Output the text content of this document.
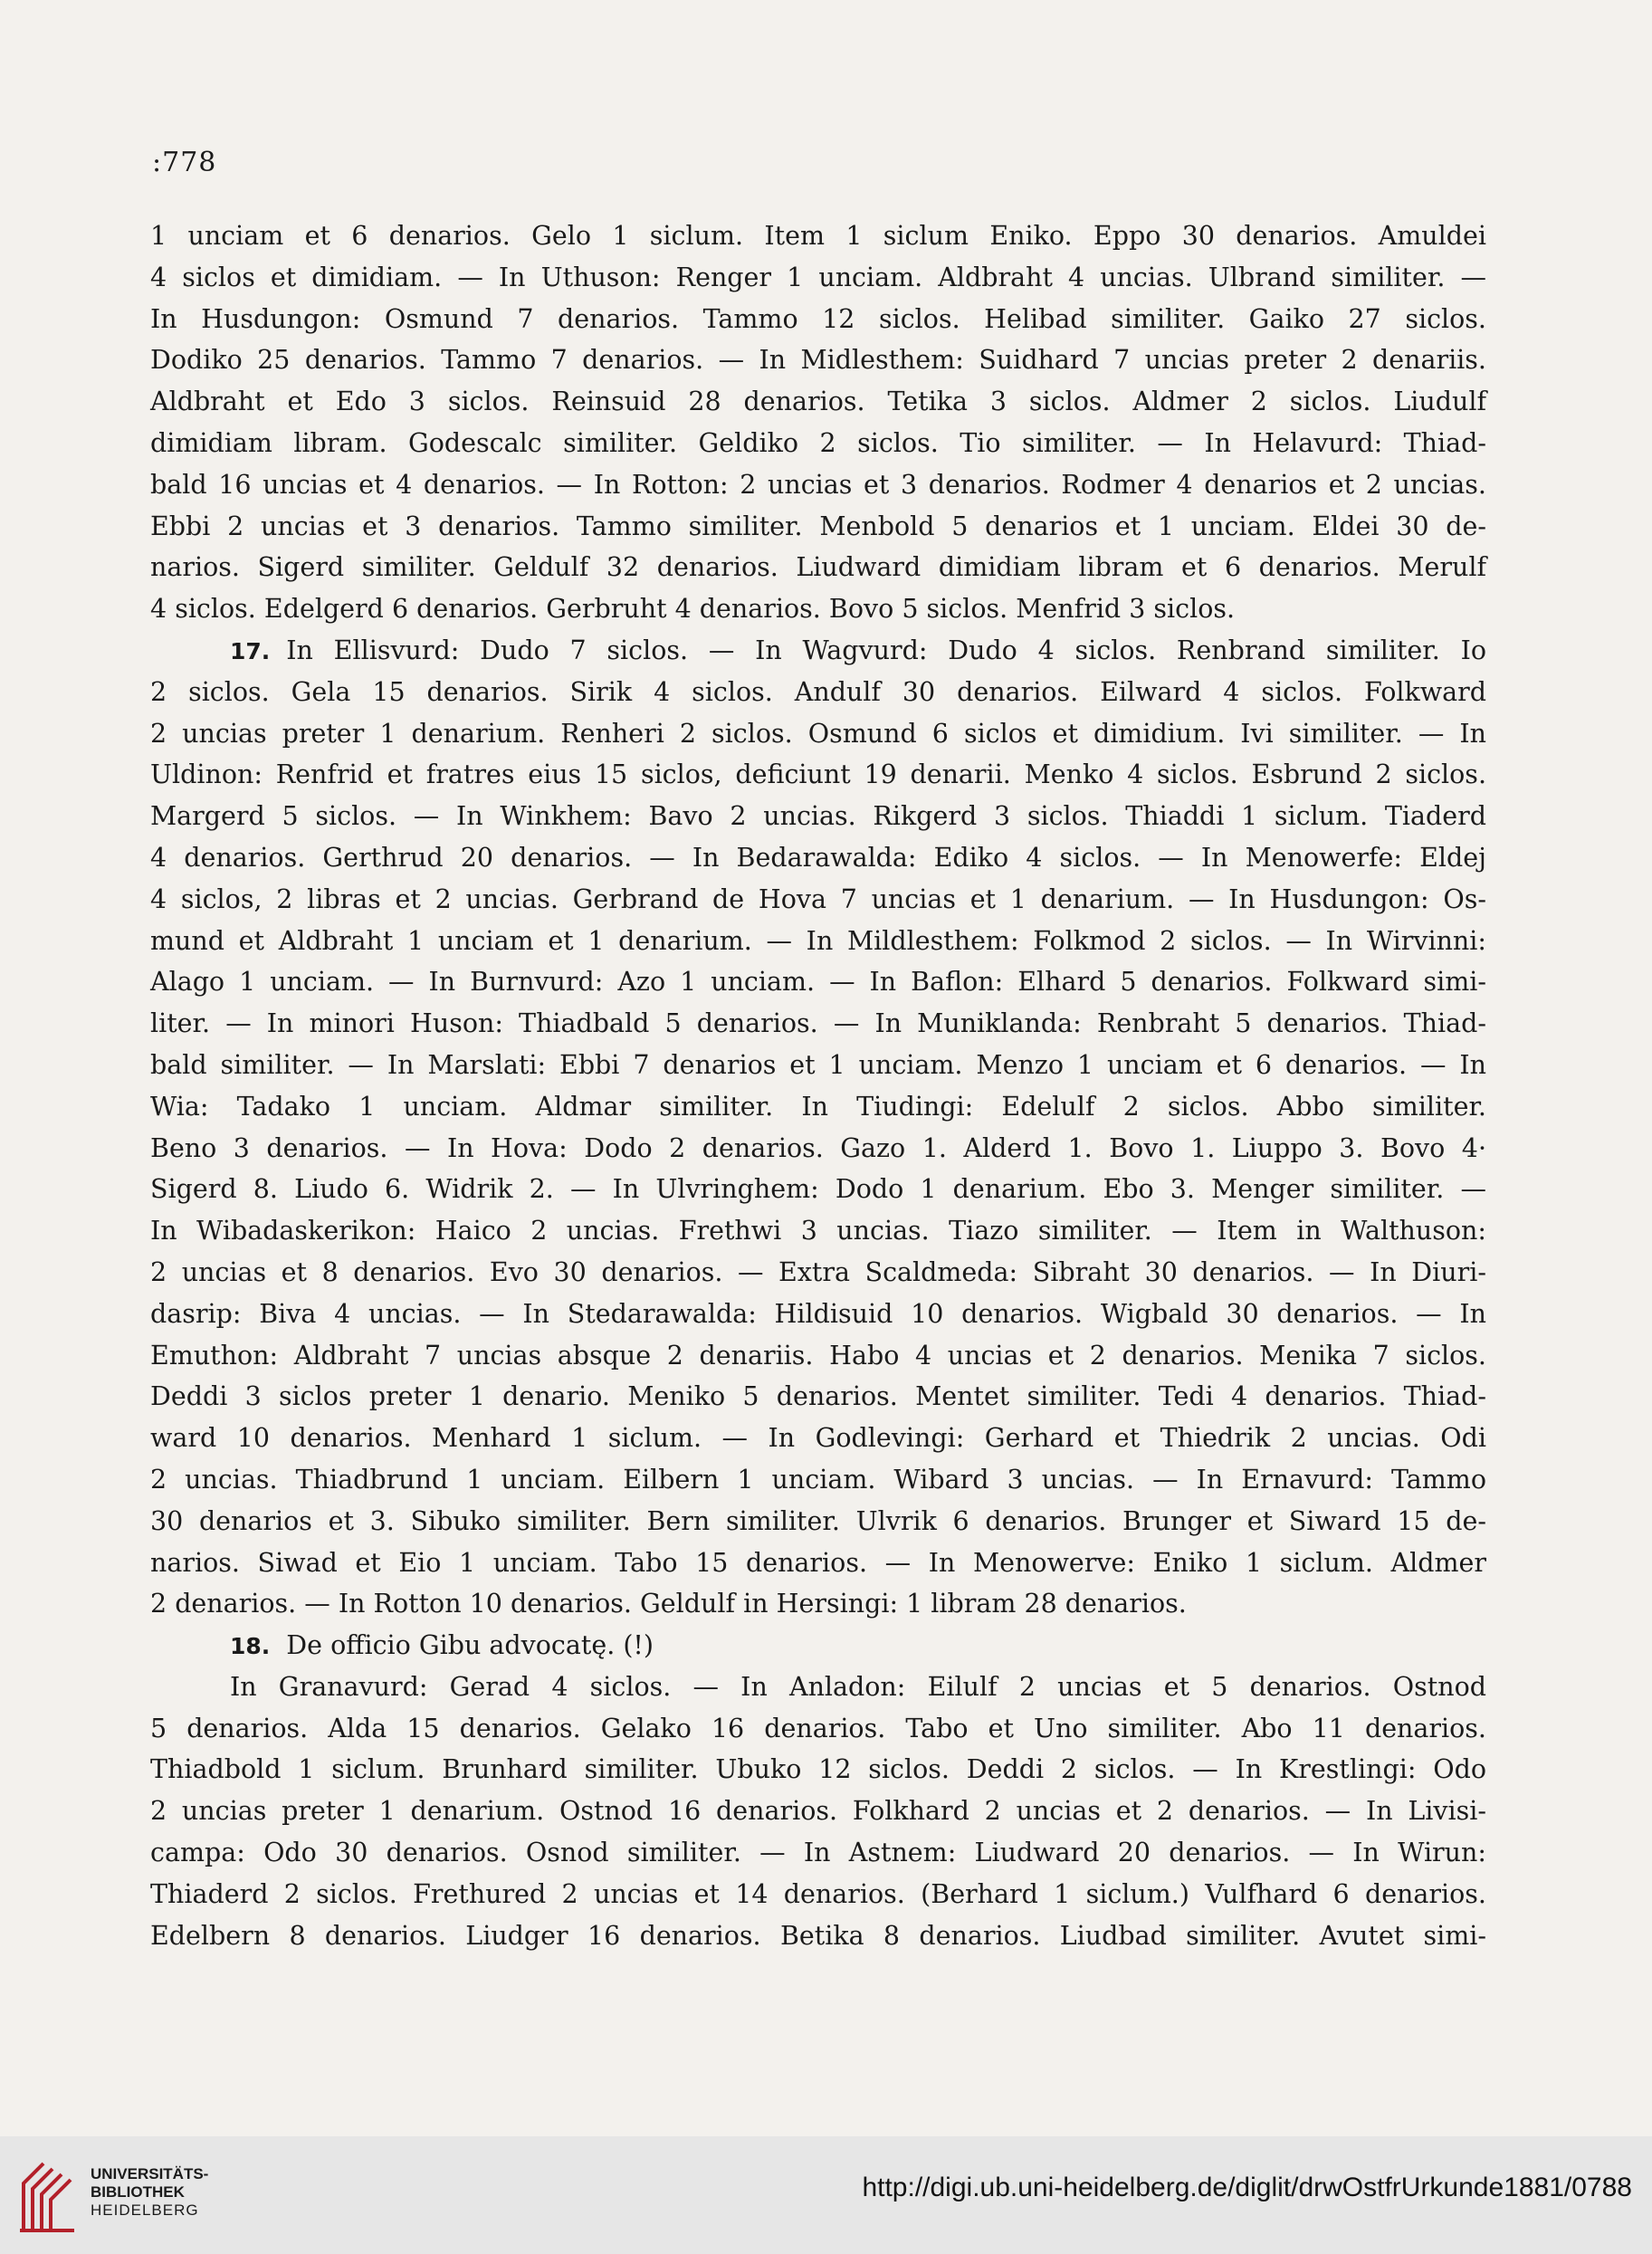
:778
1 unciam et 6 denarios. Gelo 1 siclum. Item 1 siclum Eniko. Eppo 30 denarios. Amuldei
4 siclos et dimidiam. — In Uthuson: Renger 1 unciam. Aldbraht 4 uncias. Ulbrand similiter. —
In Husdungon: Osmund 7 denarios. Tammo 12 siclos. Helibad similiter. Gaiko 27 siclos.
Dodiko 25 denarios. Tammo 7 denarios. — In Midlesthem: Suidhard 7 uncias preter 2 denariis.
Aldbraht et Edo 3 siclos. Reinsuid 28 denarios. Tetika 3 siclos. Aldmer 2 siclos. Liudulf
dimidiam libram. Godescalc similiter. Geldiko 2 siclos. Tio similiter. — In Helavurd: Thiad-
bald 16 uncias et 4 denarios. — In Rotton: 2 uncias et 3 denarios. Rodmer 4 denarios et 2 uncias.
Ebbi 2 uncias et 3 denarios. Tammo similiter. Menbold 5 denarios et 1 unciam. Eldei 30 de-
narios. Sigerd similiter. Geldulf 32 denarios. Liudward dimidiam libram et 6 denarios. Merulf
4 siclos. Edelgerd 6 denarios. Gerbruht 4 denarios. Bovo 5 siclos. Menfrid 3 siclos.
17. In Ellisvurd: Dudo 7 siclos. — In Wagvurd: Dudo 4 siclos. Renbrand similiter. Io
2 siclos. Gela 15 denarios. Sirik 4 siclos. Andulf 30 denarios. Eilward 4 siclos. Folkward
2 uncias preter 1 denarium. Renheri 2 siclos. Osmund 6 siclos et dimidium. Ivi similiter. — In
Uldinon: Renfrid et fratres eius 15 siclos, deficiunt 19 denarii. Menko 4 siclos. Esbrund 2 siclos.
Margerd 5 siclos. — In Winkhem: Bavo 2 uncias. Rikgerd 3 siclos. Thiaddi 1 siclum. Tiaderd
4 denarios. Gerthrud 20 denarios. — In Bedarawalda: Ediko 4 siclos. — In Menowerfe: Eldej
4 siclos, 2 libras et 2 uncias. Gerbrand de Hova 7 uncias et 1 denarium. — In Husdungon: Os-
mund et Aldbraht 1 unciam et 1 denarium. — In Mildlesthem: Folkmod 2 siclos. — In Wirvinni:
Alago 1 unciam. — In Burnvurd: Azo 1 unciam. — In Baflon: Elhard 5 denarios. Folkward simi-
liter. — In minori Huson: Thiadbald 5 denarios. — In Muniklanda: Renbraht 5 denarios. Thiad-
bald similiter. — In Marslati: Ebbi 7 denarios et 1 unciam. Menzo 1 unciam et 6 denarios. — In
Wia: Tadako 1 unciam. Aldmar similiter. In Tiudingi: Edelulf 2 siclos. Abbo similiter.
Beno 3 denarios. — In Hova: Dodo 2 denarios. Gazo 1. Alderd 1. Bovo 1. Liuppo 3. Bovo 4·
Sigerd 8. Liudo 6. Widrik 2. — In Ulvringhem: Dodo 1 denarium. Ebo 3. Menger similiter. —
In Wibadaskerikon: Haico 2 uncias. Frethwi 3 uncias. Tiazo similiter. — Item in Walthuson:
2 uncias et 8 denarios. Evo 30 denarios. — Extra Scaldmeda: Sibraht 30 denarios. — In Diuri-
dasrip: Biva 4 uncias. — In Stedarawalda: Hildisuid 10 denarios. Wigbald 30 denarios. — In
Emuthon: Aldbraht 7 uncias absque 2 denariis. Habo 4 uncias et 2 denarios. Menika 7 siclos.
Deddi 3 siclos preter 1 denario. Meniko 5 denarios. Mentet similiter. Tedi 4 denarios. Thiad-
ward 10 denarios. Menhard 1 siclum. — In Godlevingi: Gerhard et Thiedrik 2 uncias. Odi
2 uncias. Thiadbrund 1 unciam. Eilbern 1 unciam. Wibard 3 uncias. — In Ernavurd: Tammo
30 denarios et 3. Sibuko similiter. Bern similiter. Ulvrik 6 denarios. Brunger et Siward 15 de-
narios. Siwad et Eio 1 unciam. Tabo 15 denarios. — In Menowerve: Eniko 1 siclum. Aldmer
2 denarios. — In Rotton 10 denarios. Geldulf in Hersingi: 1 libram 28 denarios.
18. De officio Gibu advocatę. (!)
In Granavurd: Gerad 4 siclos. — In Anladon: Eilulf 2 uncias et 5 denarios. Ostnod
5 denarios. Alda 15 denarios. Gelako 16 denarios. Tabo et Uno similiter. Abo 11 denarios.
Thiadbold 1 siclum. Brunhard similiter. Ubuko 12 siclos. Deddi 2 siclos. — In Krestlingi: Odo
2 uncias preter 1 denarium. Ostnod 16 denarios. Folkhard 2 uncias et 2 denarios. — In Livisi-
campa: Odo 30 denarios. Osnod similiter. — In Astnem: Liudward 20 denarios. — In Wirun:
Thiaderd 2 siclos. Frethured 2 uncias et 14 denarios. (Berhard 1 siclum.) Vulfhard 6 denarios.
Edelbern 8 denarios. Liudger 16 denarios. Betika 8 denarios. Liudbad similiter. Avutet simi-
UNIVERSITÄTS-
BIBLIOTHEK
HEIDELBERG
http://digi.ub.uni-heidelberg.de/diglit/drwOstfrUrkunde1881/0788
